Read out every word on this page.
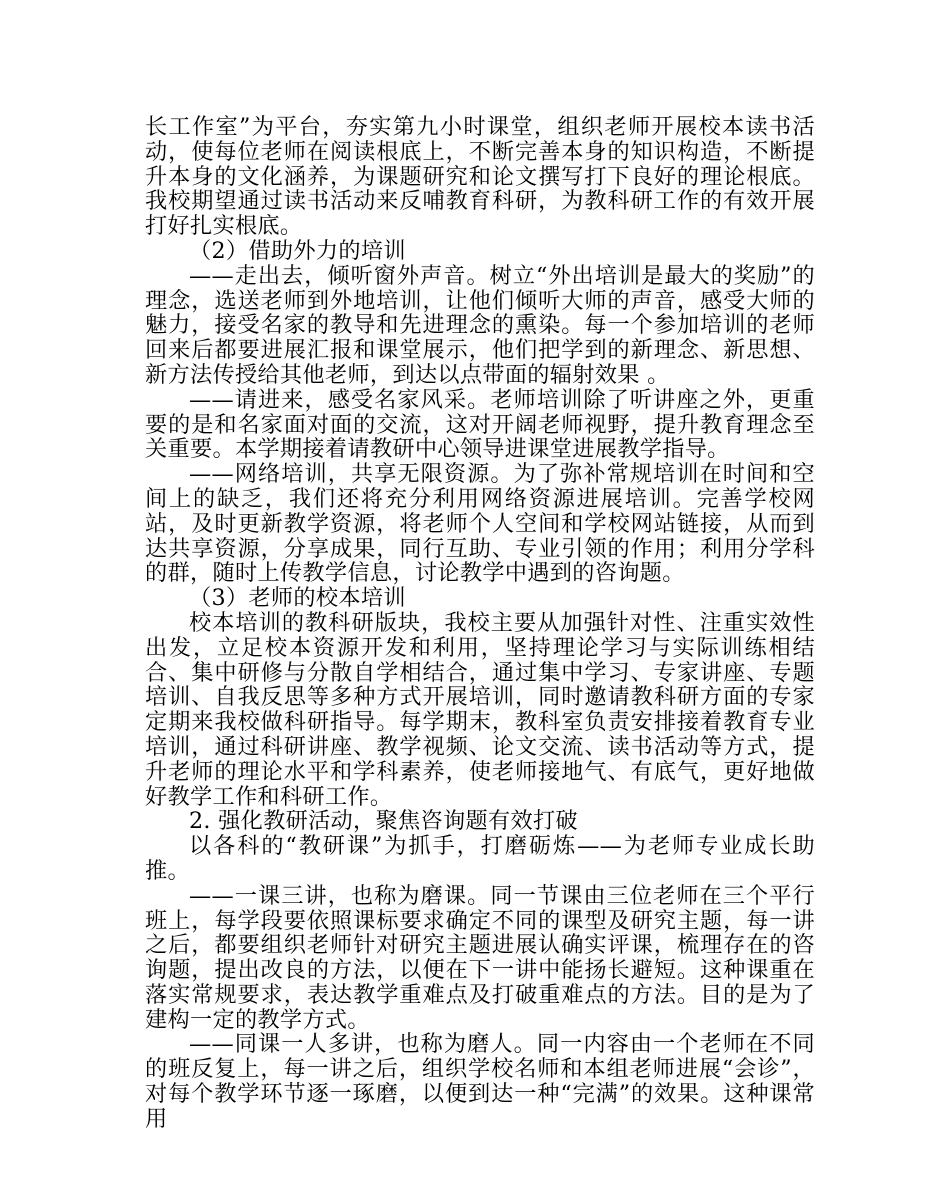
长工作室”为平台，夯实第九小时课堂，组织老师开展校本读书活动，使每位老师在阅读根底上，不断完善本身的知识构造，不断提升本身的文化涵养，为课题研究和论文撰写打下良好的理论根底。我校期望通过读书活动来反哺教育科研，为教科研工作的有效开展打好扎实根底。

（2）借助外力的培训

——走出去，倾听窗外声音。树立“外出培训是最大的奖励”的理念，选送老师到外地培训，让他们倾听大师的声音，感受大师的魅力，接受名家的教导和先进理念的熏染。每一个参加培训的老师回来后都要进展汇报和课堂展示，他们把学到的新理念、新思想、新方法传授给其他老师，到达以点带面的辐射效果 。

——请进来，感受名家风采。老师培训除了听讲座之外，更重要的是和名家面对面的交流，这对开阔老师视野，提升教育理念至关重要。本学期接着请教研中心领导进课堂进展教学指导。

——网络培训，共享无限资源。为了弥补常规培训在时间和空间上的缺乏，我们还将充分利用网络资源进展培训。完善学校网站，及时更新教学资源，将老师个人空间和学校网站链接，从而到达共享资源，分享成果，同行互助、专业引领的作用；利用分学科的群，随时上传教学信息，讨论教学中遇到的咨询题。

（3）老师的校本培训

校本培训的教科研版块，我校主要从加强针对性、注重实效性出发，立足校本资源开发和利用，坚持理论学习与实际训练相结合、集中研修与分散自学相结合，通过集中学习、专家讲座、专题培训、自我反思等多种方式开展培训，同时邀请教科研方面的专家定期来我校做科研指导。每学期末，教科室负责安排接着教育专业培训，通过科研讲座、教学视频、论文交流、读书活动等方式，提升老师的理论水平和学科素养，使老师接地气、有底气，更好地做好教学工作和科研工作。

2. 强化教研活动，聚焦咨询题有效打破

以各科的“教研课”为抓手，打磨砺炼——为老师专业成长助推。

——一课三讲，也称为磨课。同一节课由三位老师在三个平行班上，每学段要依照课标要求确定不同的课型及研究主题，每一讲之后，都要组织老师针对研究主题进展认确实评课，梳理存在的咨询题，提出改良的方法，以便在下一讲中能扬长避短。这种课重在落实常规要求，表达教学重难点及打破重难点的方法。目的是为了建构一定的教学方式。

——同课一人多讲，也称为磨人。同一内容由一个老师在不同的班反复上，每一讲之后，组织学校名师和本组老师进展“会诊”，对每个教学环节逐一琢磨，以便到达一种“完满”的效果。这种课常用
